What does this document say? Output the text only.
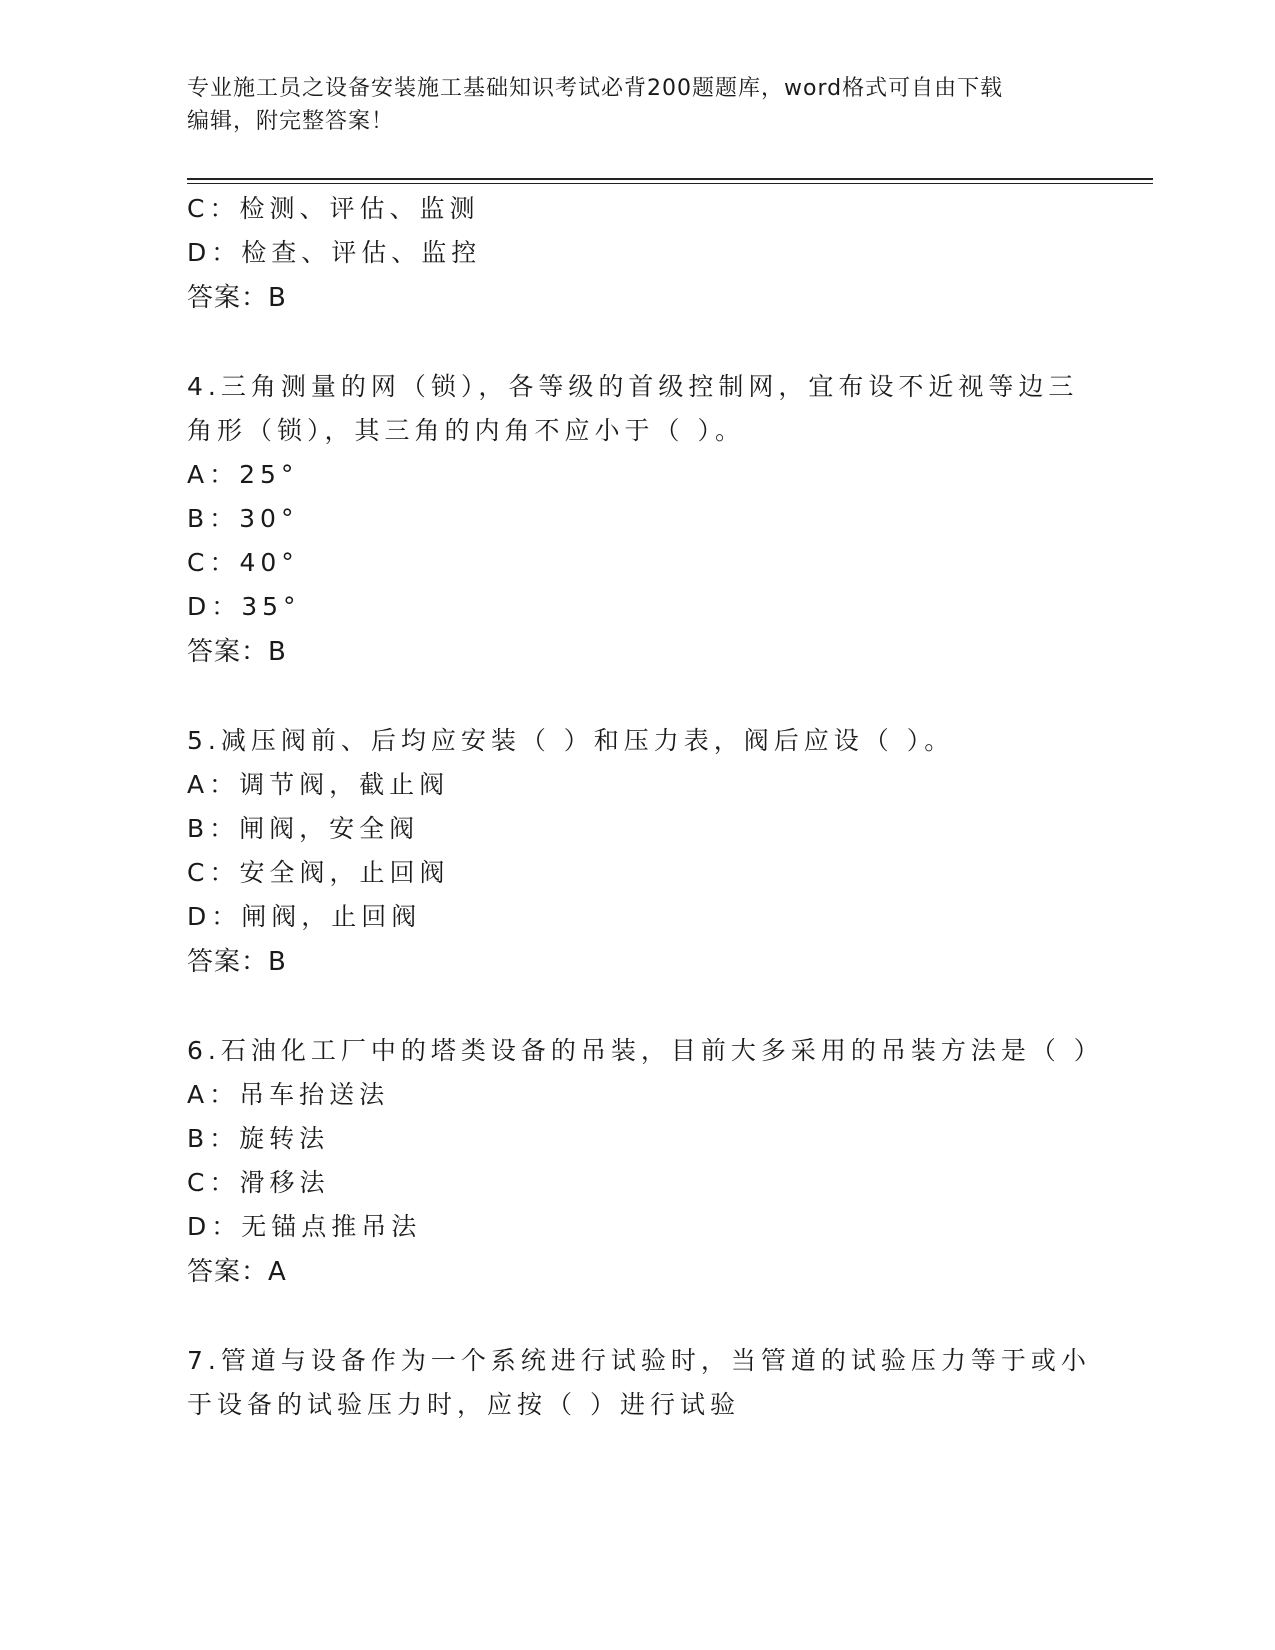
专业施工员之设备安装施工基础知识考试必背200题题库，word格式可自由下载
编辑，附完整答案！
C：检测、评估、监测
D：检查、评估、监控
答案：B
4.三角测量的网（锁），各等级的首级控制网，宜布设不近视等边三
角形（锁），其三角的内角不应小于（ ）。
A：25°
B：30°
C：40°
D：35°
答案：B
5.减压阀前、后均应安装（ ）和压力表，阀后应设（ ）。
A：调节阀，截止阀
B：闸阀，安全阀
C：安全阀，止回阀
D：闸阀，止回阀
答案：B
6.石油化工厂中的塔类设备的吊装，目前大多采用的吊装方法是（ ）
A：吊车抬送法
B：旋转法
C：滑移法
D：无锚点推吊法
答案：A
7.管道与设备作为一个系统进行试验时，当管道的试验压力等于或小
于设备的试验压力时，应按（ ）进行试验
